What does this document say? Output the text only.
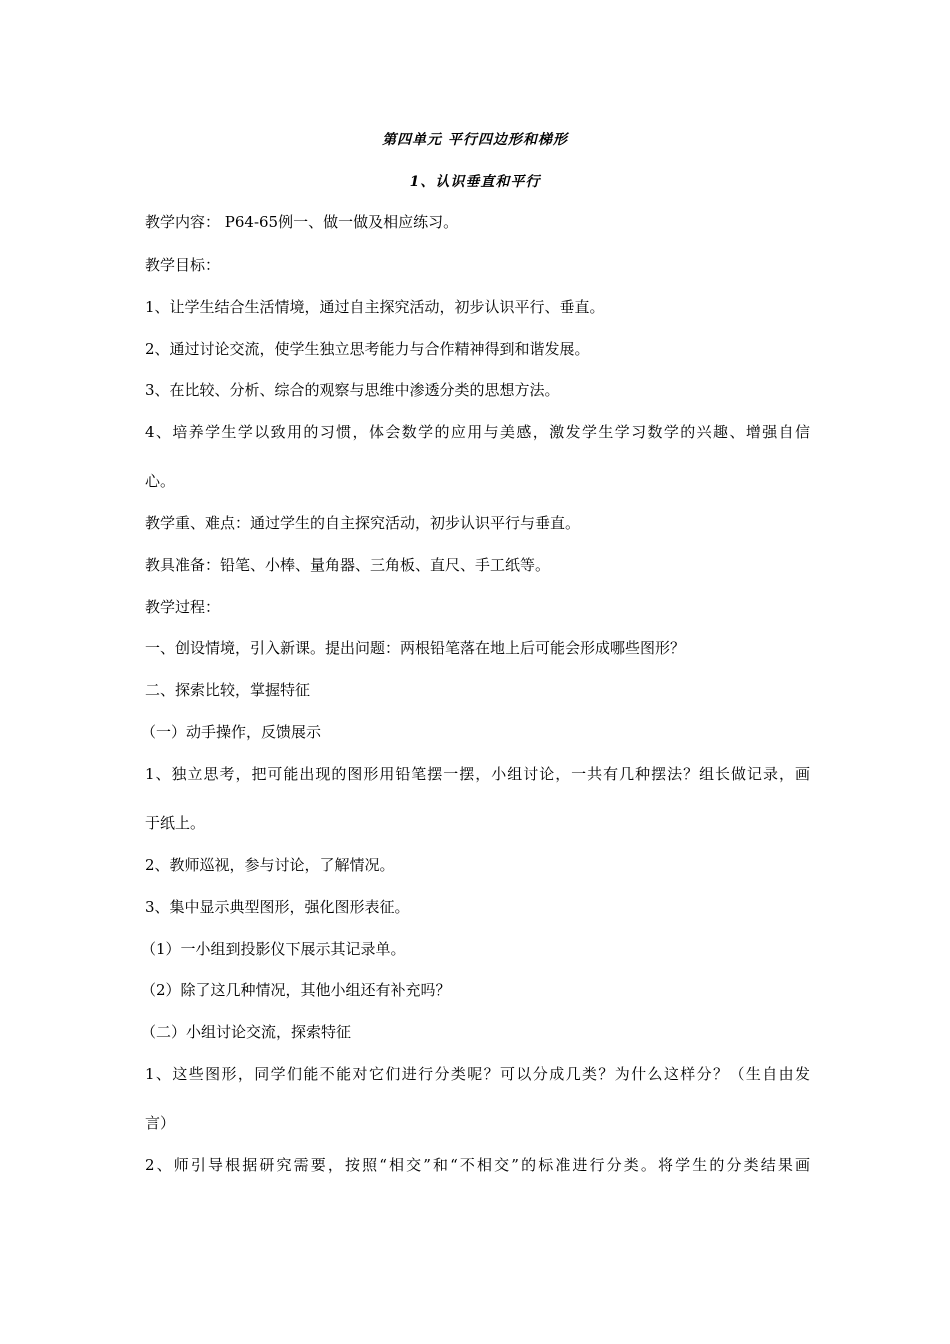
第四单元 平行四边形和梯形
1、认识垂直和平行
教学内容： P64-65例一、做一做及相应练习。
教学目标：
1、让学生结合生活情境，通过自主探究活动，初步认识平行、垂直。
2、通过讨论交流，使学生独立思考能力与合作精神得到和谐发展。
3、在比较、分析、综合的观察与思维中渗透分类的思想方法。
4、培养学生学以致用的习惯，体会数学的应用与美感，激发学生学习数学的兴趣、增强自信
心。
教学重、难点：通过学生的自主探究活动，初步认识平行与垂直。
教具准备：铅笔、小棒、量角器、三角板、直尺、手工纸等。
教学过程：
一、创设情境，引入新课。提出问题：两根铅笔落在地上后可能会形成哪些图形？
二、探索比较，掌握特征
（一）动手操作，反馈展示
1、独立思考，把可能出现的图形用铅笔摆一摆，小组讨论，一共有几种摆法？组长做记录，画
于纸上。
2、教师巡视，参与讨论，了解情况。
3、集中显示典型图形，强化图形表征。
（1）一小组到投影仪下展示其记录单。
（2）除了这几种情况，其他小组还有补充吗？
（二）小组讨论交流，探索特征
1、这些图形，同学们能不能对它们进行分类呢？可以分成几类？为什么这样分？（生自由发
言）
2、师引导根据研究需要，按照“相交”和“不相交”的标准进行分类。将学生的分类结果画
